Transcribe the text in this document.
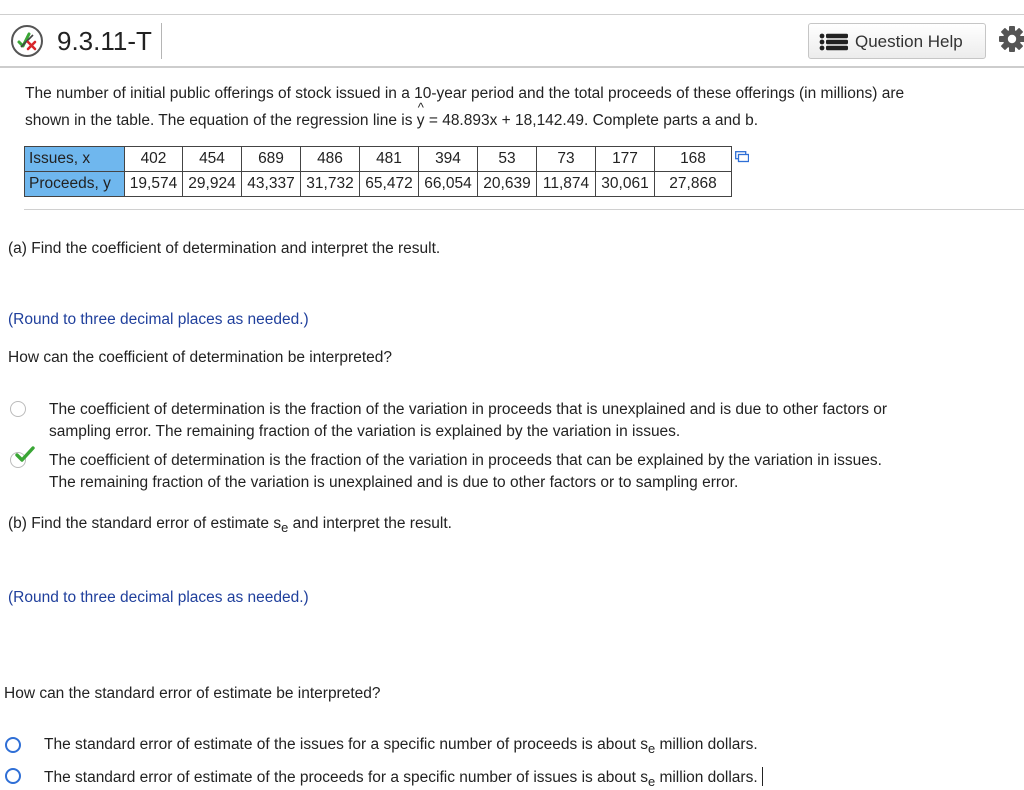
9.3.11-T	Question Help
The number of initial public offerings of stock issued in a 10-year period and the total proceeds of these offerings (in millions) are
shown in the table. The equation of the regression line is ^ y = 48.893x + 18,142.49. Complete parts a and b.
Issues, x	402	454	689	486	481	394	53	73	177	168
Proceeds, y	19,574	29,924	43,337	31,732	65,472	66,054	20,639	11,874	30,061	27,868
(a) Find the coefficient of determination and interpret the result.
(Round to three decimal places as needed.)
How can the coefficient of determination be interpreted?
The coefficient of determination is the fraction of the variation in proceeds that is unexplained and is due to other factors or
sampling error. The remaining fraction of the variation is explained by the variation in issues.
The coefficient of determination is the fraction of the variation in proceeds that can be explained by the variation in issues.
The remaining fraction of the variation is unexplained and is due to other factors or to sampling error.
(b) Find the standard error of estimate $s_e$ and interpret the result.
(Round to three decimal places as needed.)
How can the standard error of estimate be interpreted?
The standard error of estimate of the issues for a specific number of proceeds is about $s_e$ million dollars.
The standard error of estimate of the proceeds for a specific number of issues is about $s_e$ million dollars.
